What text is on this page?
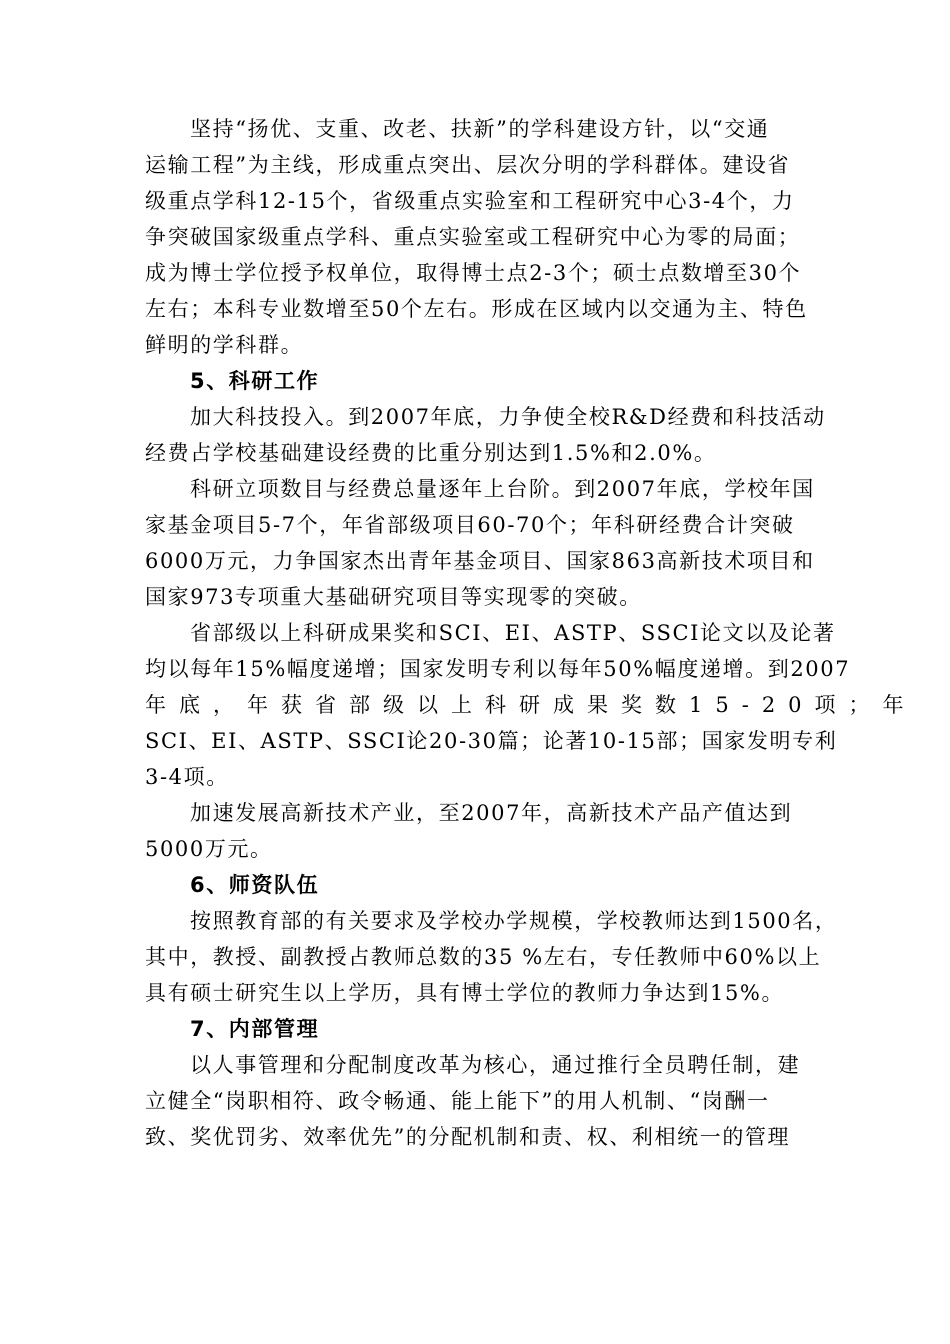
坚持“扬优、支重、改老、扶新”的学科建设方针，以“交通
运输工程”为主线，形成重点突出、层次分明的学科群体。建设省
级重点学科12-15个，省级重点实验室和工程研究中心3-4个，力
争突破国家级重点学科、重点实验室或工程研究中心为零的局面；
成为博士学位授予权单位，取得博士点2-3个；硕士点数增至30个
左右；本科专业数增至50个左右。形成在区域内以交通为主、特色
鲜明的学科群。
5、科研工作
加大科技投入。到2007年底，力争使全校R&D经费和科技活动
经费占学校基础建设经费的比重分别达到1.5%和2.0%。
科研立项数目与经费总量逐年上台阶。到2007年底，学校年国
家基金项目5-7个，年省部级项目60-70个；年科研经费合计突破
6000万元，力争国家杰出青年基金项目、国家863高新技术项目和
国家973专项重大基础研究项目等实现零的突破。
省部级以上科研成果奖和SCI、EI、ASTP、SSCI论文以及论著
均以每年15%幅度递增；国家发明专利以每年50%幅度递增。到2007
年底，年获省部级以上科研成果奖数15-20项；年
SCI、EI、ASTP、SSCI论20-30篇；论著10-15部；国家发明专利
3-4项。
加速发展高新技术产业，至2007年，高新技术产品产值达到
5000万元。
6、师资队伍
按照教育部的有关要求及学校办学规模，学校教师达到1500名，
其中，教授、副教授占教师总数的35 %左右，专任教师中60%以上
具有硕士研究生以上学历，具有博士学位的教师力争达到15%。
7、内部管理
以人事管理和分配制度改革为核心，通过推行全员聘任制，建
立健全“岗职相符、政令畅通、能上能下”的用人机制、“岗酬一
致、奖优罚劣、效率优先”的分配机制和责、权、利相统一的管理
